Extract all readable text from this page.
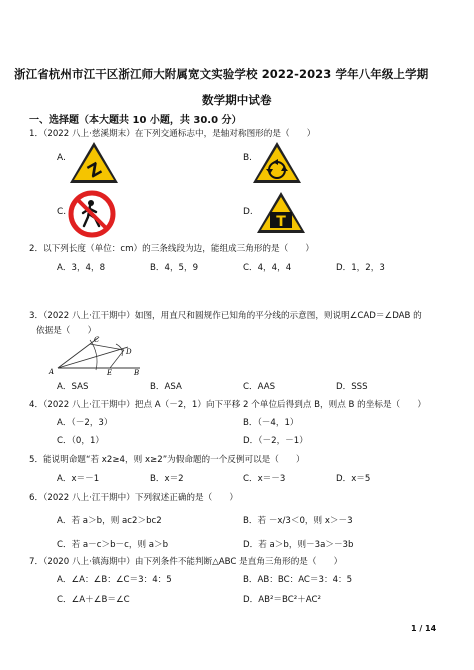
浙江省杭州市江干区浙江师大附属宽文实验学校 2022-2023 学年八年级上学期
数学期中试卷
一、选择题（本大题共 10 小题，共 30.0 分）
1．（2022 八上·慈溪期末）在下列交通标志中，是轴对称图形的是（　　）
A.
Z
B.
C.	D.
T
2．以下列长度（单位：cm）的三条线段为边，能组成三角形的是（　　）
A．3，4，8	B．4，5，9	C．4，4，4	D．1，2，3
3．（2022 八上·江干期中）如图，用直尺和圆规作已知角的平分线的示意图，则说明∠CAD＝∠DAB 的
依据是（　　）
C
D
A	E	B
A．SAS	B．ASA	C．AAS	D．SSS
4．（2022 八上·江干期中）把点 A（－2，1）向下平移 2 个单位后得到点 B，则点 B 的坐标是（　　）
A．（－2，3）	B．（－4，1）
C．（0，1）	D．（－2，－1）
5．能说明命题“若 x2≥4，则 x≥2”为假命题的一个反例可以是（　　）
A．x＝－1	B．x＝2	C．x＝－3	D．x＝5
6．（2022 八上·江干期中）下列叙述正确的是（　　）
A．若 a＞b，则 ac2＞bc2	B．若 －x/3＜0，则 x＞－3
C．若 a－c＞b－c，则 a＞b	D．若 a＞b，则－3a＞－3b
7．（2020 八上·镇海期中）由下列条件不能判断△ABC 是直角三角形的是（　　）
A．∠A：∠B：∠C＝3：4：5	B．AB：BC：AC＝3：4：5
C．∠A＋∠B＝∠C	D．AB²＝BC²＋AC²
1 / 14
